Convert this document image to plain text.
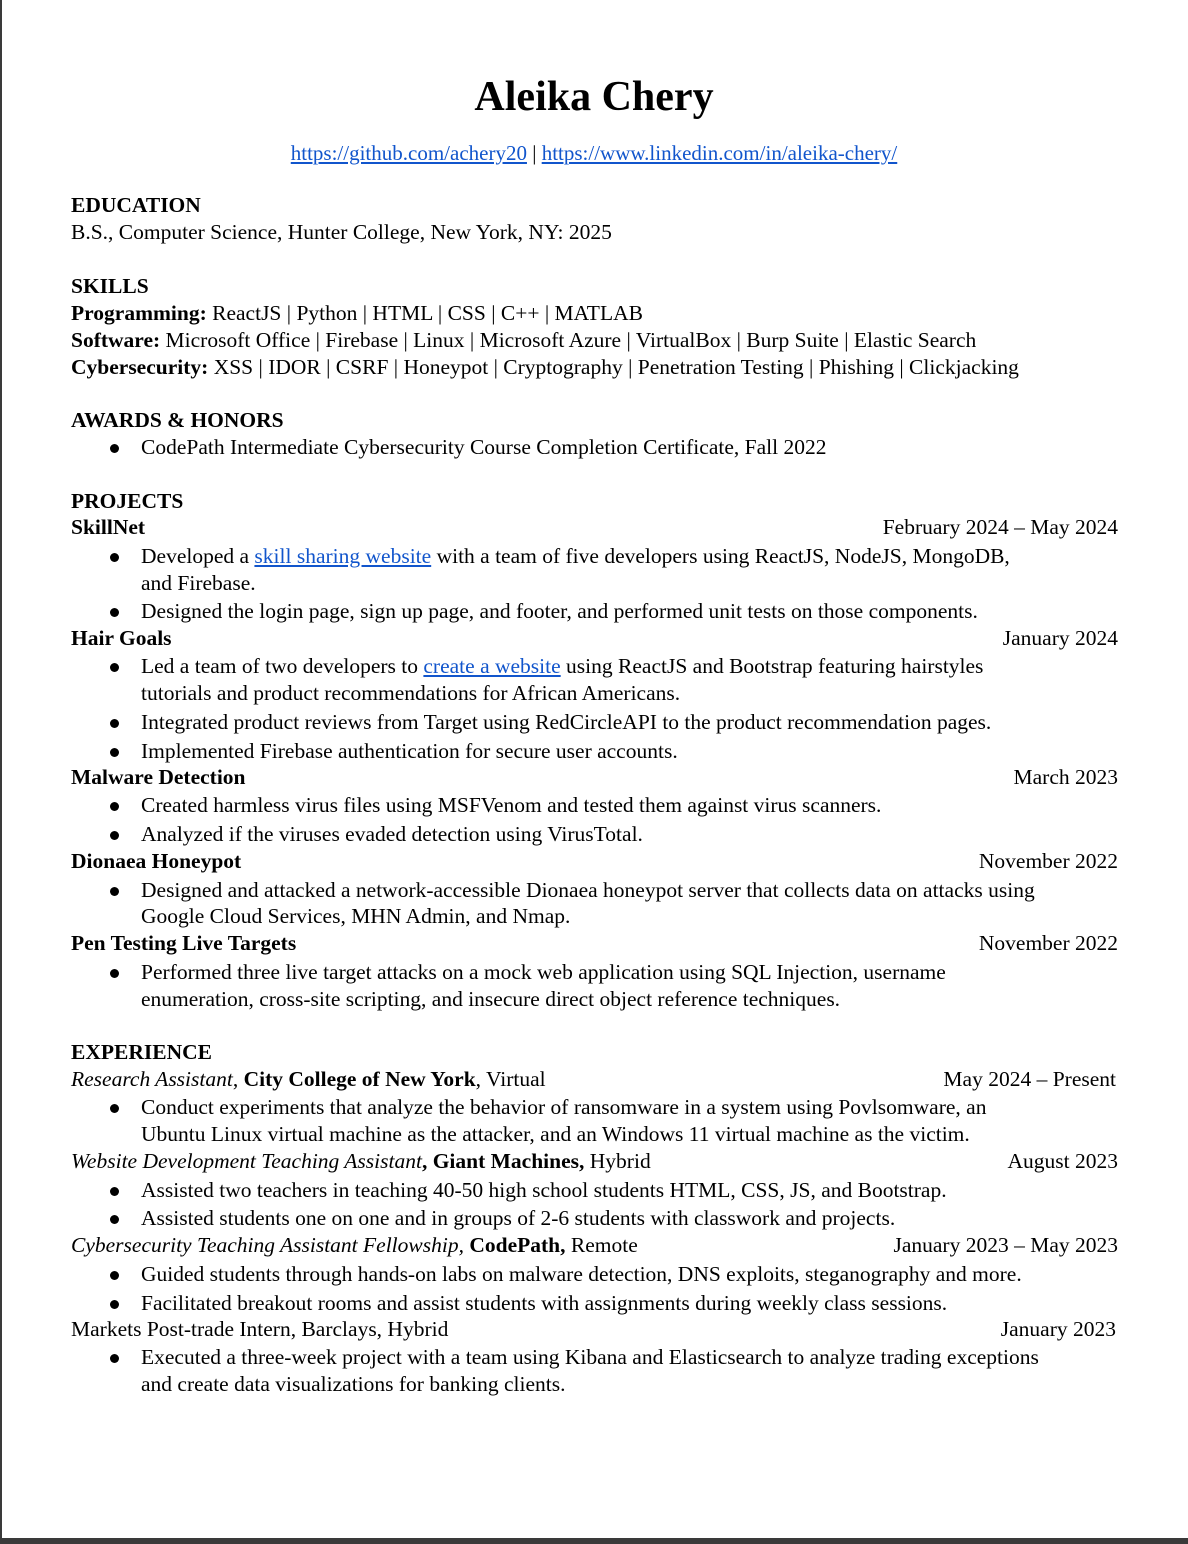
Aleika Chery
https://github.com/achery20 | https://www.linkedin.com/in/aleika-chery/
EDUCATION
B.S., Computer Science, Hunter College, New York, NY: 2025
SKILLS
Programming: ReactJS | Python | HTML | CSS | C++ | MATLAB
Software: Microsoft Office | Firebase | Linux | Microsoft Azure | VirtualBox | Burp Suite | Elastic Search
Cybersecurity: XSS | IDOR | CSRF | Honeypot | Cryptography | Penetration Testing | Phishing | Clickjacking
AWARDS & HONORS
CodePath Intermediate Cybersecurity Course Completion Certificate, Fall 2022
PROJECTS
SkillNet	February 2024 – May 2024
Developed a skill sharing website with a team of five developers using ReactJS, NodeJS, MongoDB,
and Firebase.
Designed the login page, sign up page, and footer, and performed unit tests on those components.
Hair Goals	January 2024
Led a team of two developers to create a website using ReactJS and Bootstrap featuring hairstyles
tutorials and product recommendations for African Americans.
Integrated product reviews from Target using RedCircleAPI to the product recommendation pages.
Implemented Firebase authentication for secure user accounts.
Malware Detection	March 2023
Created harmless virus files using MSFVenom and tested them against virus scanners.
Analyzed if the viruses evaded detection using VirusTotal.
Dionaea Honeypot	November 2022
Designed and attacked a network-accessible Dionaea honeypot server that collects data on attacks using
Google Cloud Services, MHN Admin, and Nmap.
Pen Testing Live Targets	November 2022
Performed three live target attacks on a mock web application using SQL Injection, username
enumeration, cross-site scripting, and insecure direct object reference techniques.
EXPERIENCE
Research Assistant, City College of New York, Virtual	May 2024 – Present
Conduct experiments that analyze the behavior of ransomware in a system using Povlsomware, an
Ubuntu Linux virtual machine as the attacker, and an Windows 11 virtual machine as the victim.
Website Development Teaching Assistant, Giant Machines, Hybrid	August 2023
Assisted two teachers in teaching 40-50 high school students HTML, CSS, JS, and Bootstrap.
Assisted students one on one and in groups of 2-6 students with classwork and projects.
Cybersecurity Teaching Assistant Fellowship, CodePath, Remote	January 2023 – May 2023
Guided students through hands-on labs on malware detection, DNS exploits, steganography and more.
Facilitated breakout rooms and assist students with assignments during weekly class sessions.
Markets Post-trade Intern, Barclays, Hybrid	January 2023
Executed a three-week project with a team using Kibana and Elasticsearch to analyze trading exceptions
and create data visualizations for banking clients.
